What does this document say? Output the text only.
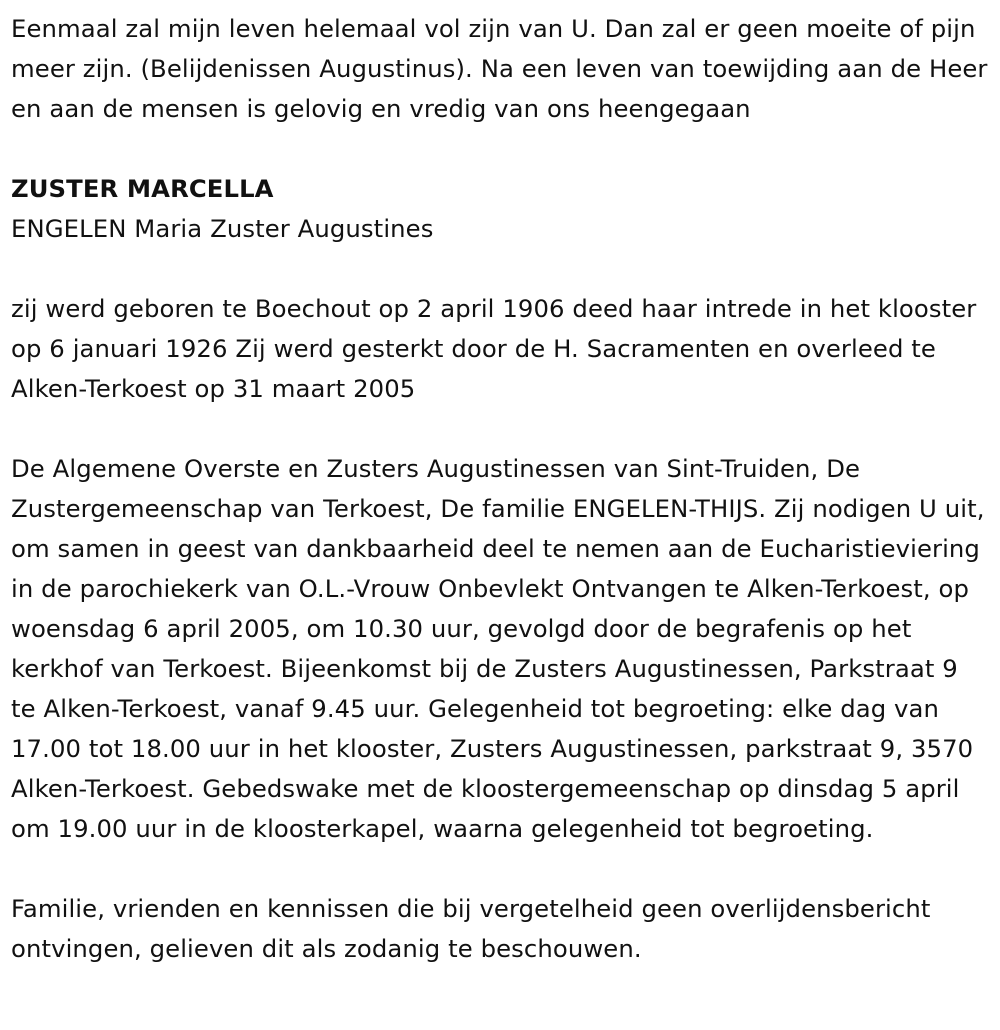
Eenmaal zal mijn leven helemaal vol zijn van U. Dan zal er geen moeite of pijn meer zijn. (Belijdenissen Augustinus). Na een leven van toewijding aan de Heer en aan de mensen is gelovig en vredig van ons heengegaan

ZUSTER MARCELLA

ENGELEN Maria Zuster Augustines

zij werd geboren te Boechout op 2 april 1906 deed haar intrede in het klooster op 6 januari 1926 Zij werd gesterkt door de H. Sacramenten en overleed te Alken-Terkoest op 31 maart 2005

De Algemene Overste en Zusters Augustinessen van Sint-Truiden, De Zustergemeenschap van Terkoest, De familie ENGELEN-THIJS. Zij nodigen U uit, om samen in geest van dankbaarheid deel te nemen aan de Eucharistieviering in de parochiekerk van O.L.-Vrouw Onbevlekt Ontvangen te Alken-Terkoest, op woensdag 6 april 2005, om 10.30 uur, gevolgd door de begrafenis op het kerkhof van Terkoest. Bijeenkomst bij de Zusters Augustinessen, Parkstraat 9 te Alken-Terkoest, vanaf 9.45 uur. Gelegenheid tot begroeting: elke dag van 17.00 tot 18.00 uur in het klooster, Zusters Augustinessen, parkstraat 9, 3570 Alken-Terkoest. Gebedswake met de kloostergemeenschap op dinsdag 5 april om 19.00 uur in de kloosterkapel, waarna gelegenheid tot begroeting.

Familie, vrienden en kennissen die bij vergetelheid geen overlijdensbericht ontvingen, gelieven dit als zodanig te beschouwen.
